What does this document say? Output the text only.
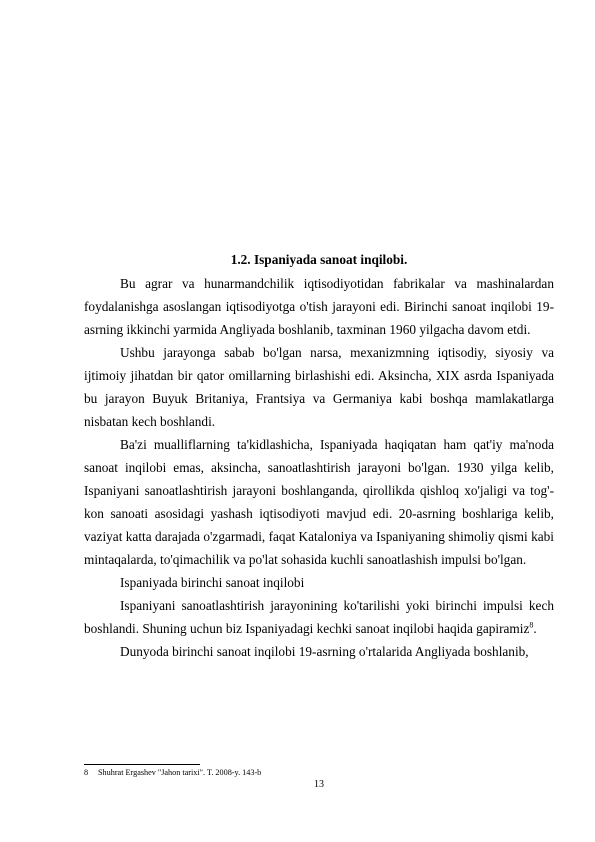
1.2. Ispaniyada sanoat inqilobi.

Bu agrar va hunarmandchilik iqtisodiyotidan fabrikalar va mashinalardan foydalanishga asoslangan iqtisodiyotga o'tish jarayoni edi. Birinchi sanoat inqilobi 19-asrning ikkinchi yarmida Angliyada boshlanib, taxminan 1960 yilgacha davom etdi.

Ushbu jarayonga sabab bo'lgan narsa, mexanizmning iqtisodiy, siyosiy va ijtimoiy jihatdan bir qator omillarning birlashishi edi. Aksincha, XIX asrda Ispaniyada bu jarayon Buyuk Britaniya, Frantsiya va Germaniya kabi boshqa mamlakatlarga nisbatan kech boshlandi.

Ba'zi mualliflarning ta'kidlashicha, Ispaniyada haqiqatan ham qat'iy ma'noda sanoat inqilobi emas, aksincha, sanoatlashtirish jarayoni bo'lgan. 1930 yilga kelib, Ispaniyani sanoatlashtirish jarayoni boshlanganda, qirollikda qishloq xo'jaligi va tog'-kon sanoati asosidagi yashash iqtisodiyoti mavjud edi. 20-asrning boshlariga kelib, vaziyat katta darajada o'zgarmadi, faqat Kataloniya va Ispaniyaning shimoliy qismi kabi mintaqalarda, to'qimachilik va po'lat sohasida kuchli sanoatlashish impulsi bo'lgan.

Ispaniyada birinchi sanoat inqilobi

Ispaniyani sanoatlashtirish jarayonining ko'tarilishi yoki birinchi impulsi kech boshlandi. Shuning uchun biz Ispaniyadagi kechki sanoat inqilobi haqida gapiramiz$^8$.

Dunyoda birinchi sanoat inqilobi 19-asrning o'rtalarida Angliyada boshlanib,

8 Shuhrat Ergashev "Jahon tarixi". T. 2008-y. 143-b
13
